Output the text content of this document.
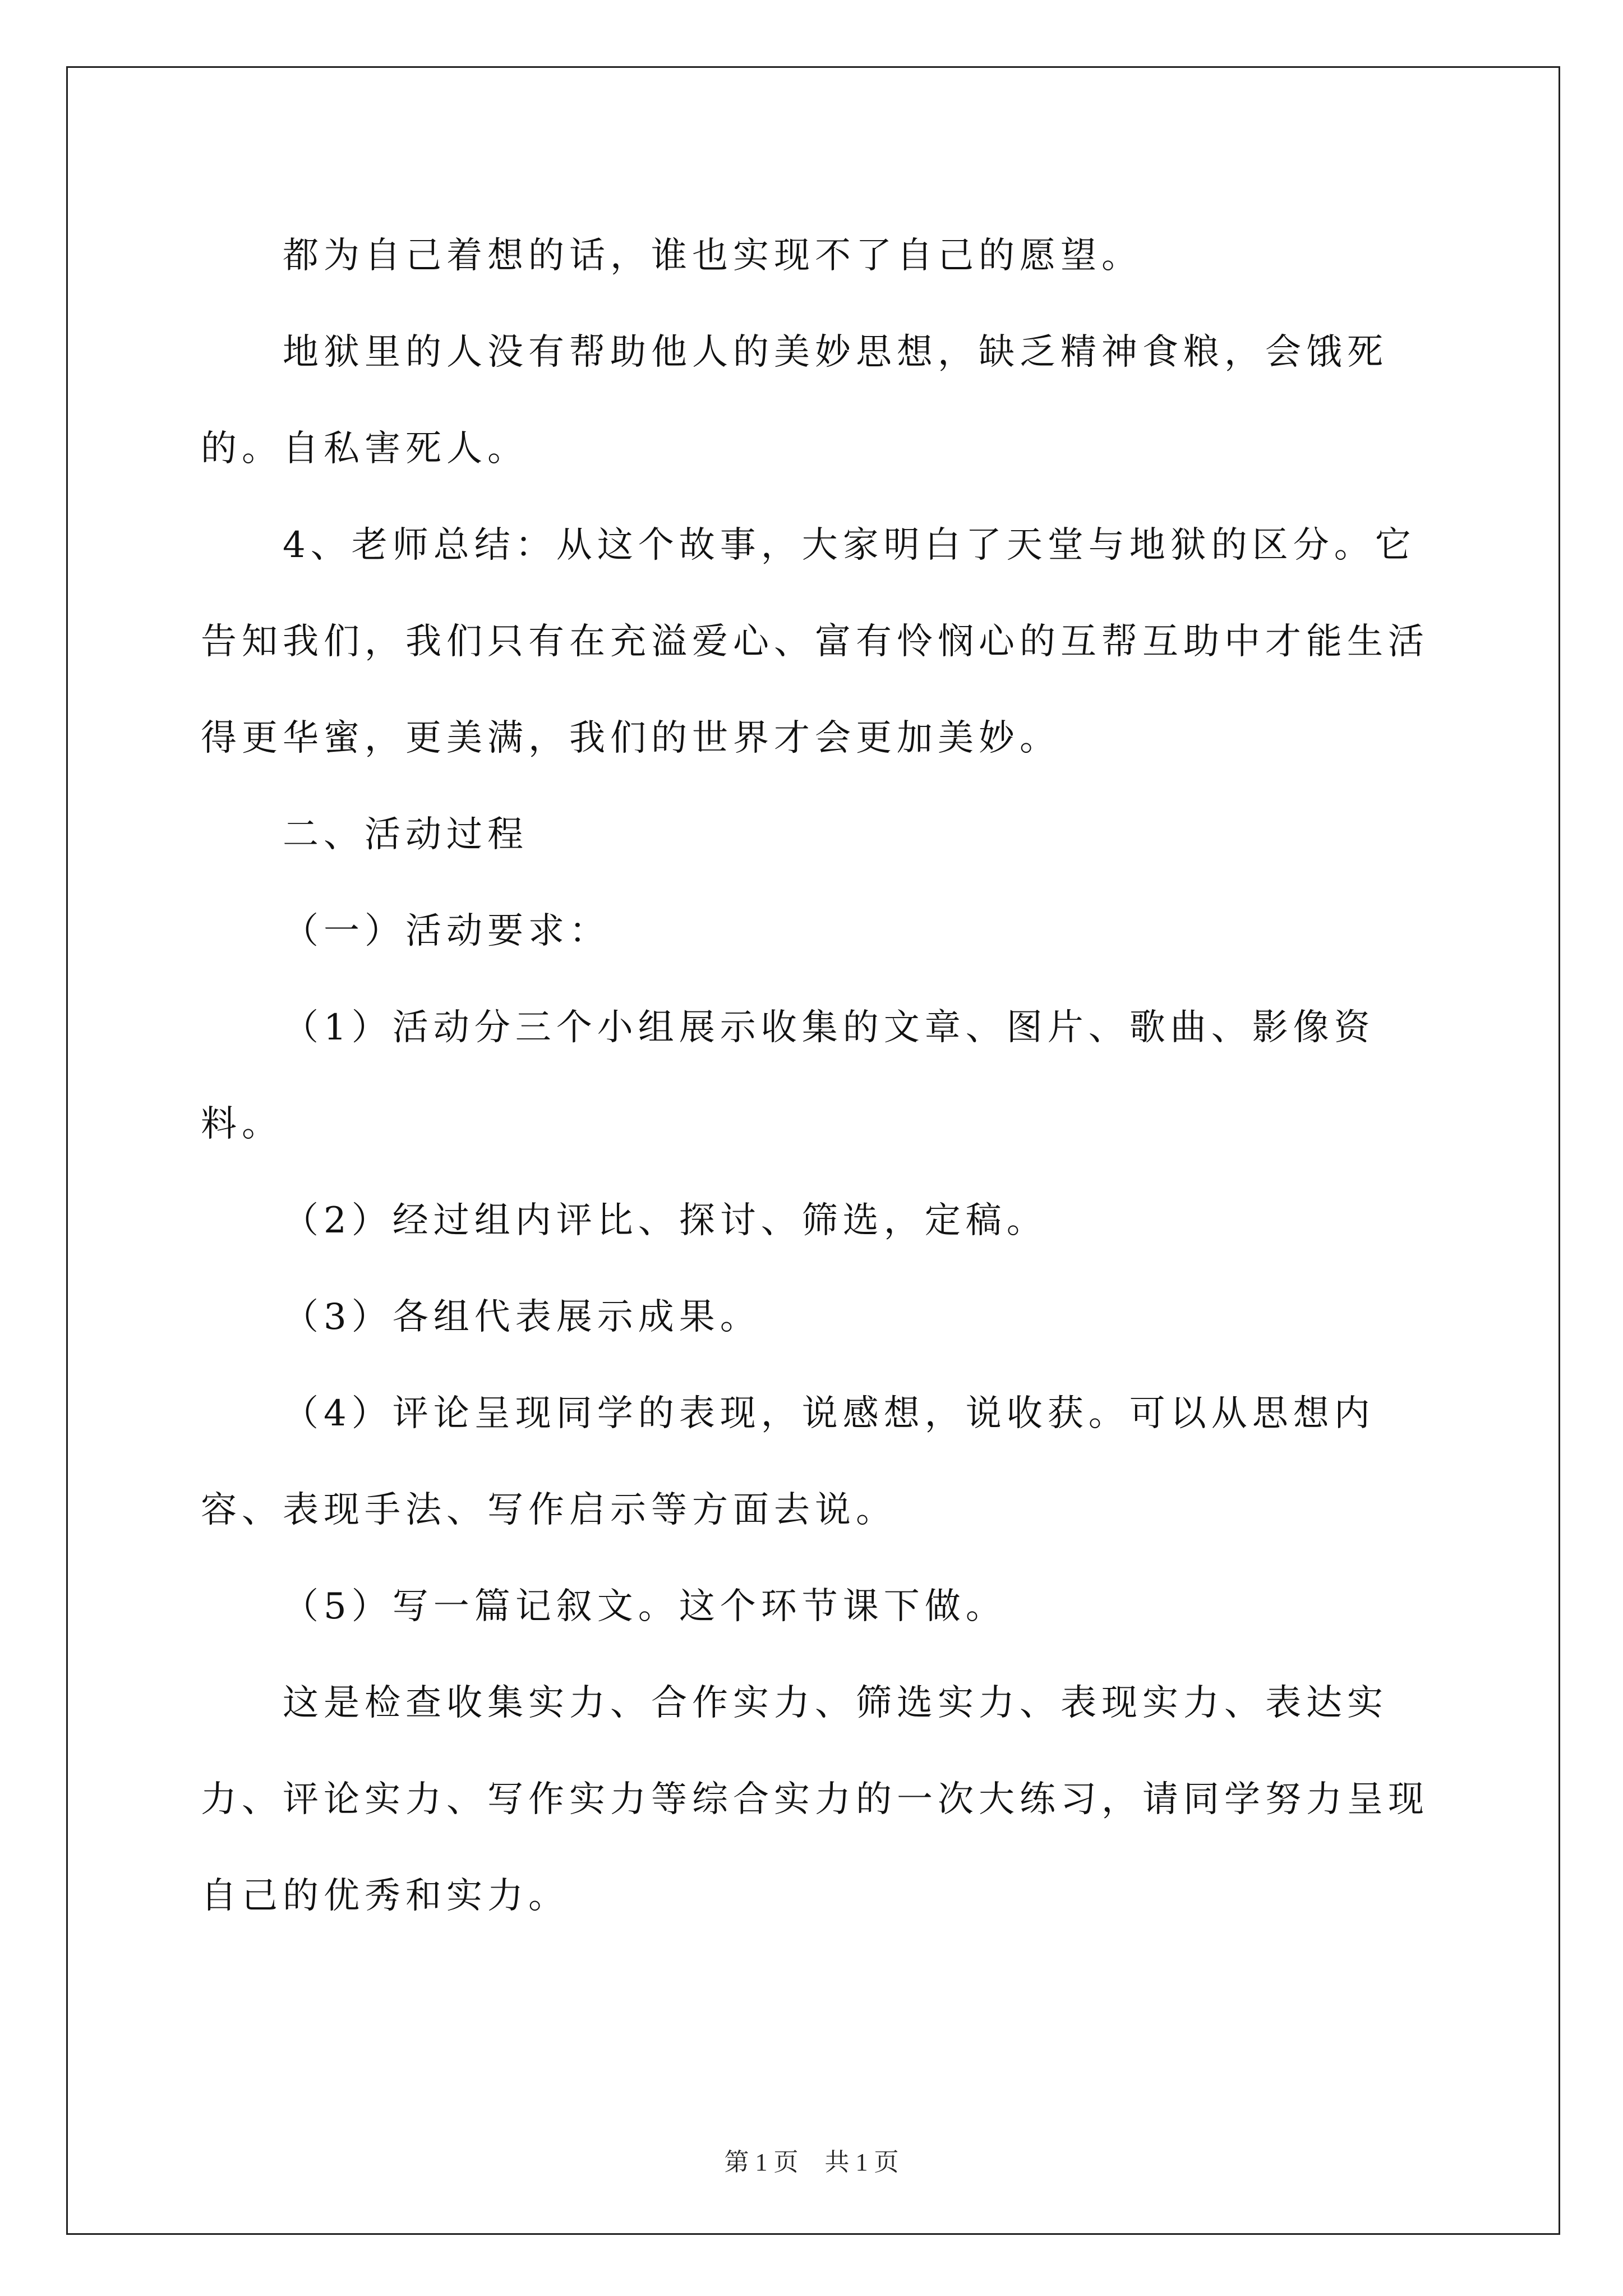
都为自己着想的话，谁也实现不了自己的愿望。

地狱里的人没有帮助他人的美妙思想，缺乏精神食粮，会饿死的。自私害死人。

4、老师总结：从这个故事，大家明白了天堂与地狱的区分。它告知我们，我们只有在充溢爱心、富有怜悯心的互帮互助中才能生活得更华蜜，更美满，我们的世界才会更加美妙。

二、活动过程

（一）活动要求：

（1）活动分三个小组展示收集的文章、图片、歌曲、影像资料。

（2）经过组内评比、探讨、筛选，定稿。

（3）各组代表展示成果。

（4）评论呈现同学的表现，说感想，说收获。可以从思想内容、表现手法、写作启示等方面去说。

（5）写一篇记叙文。这个环节课下做。

这是检查收集实力、合作实力、筛选实力、表现实力、表达实力、评论实力、写作实力等综合实力的一次大练习，请同学努力呈现自己的优秀和实力。

第 1 页 共 1 页
